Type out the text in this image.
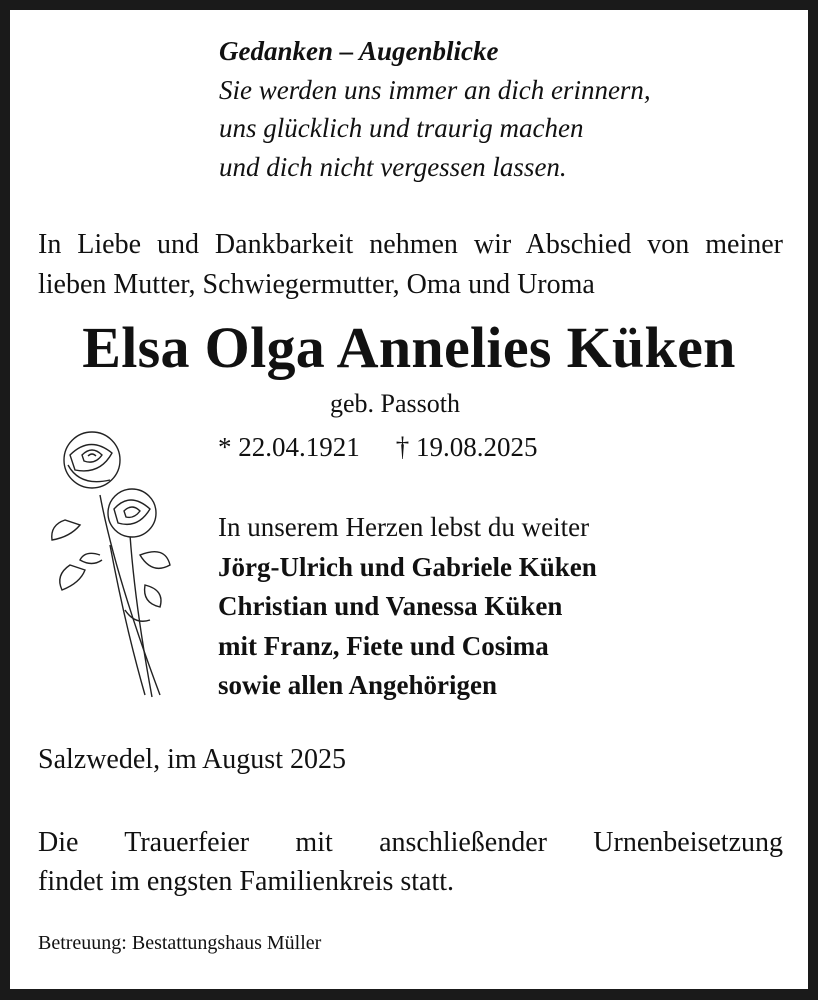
Gedanken – Augenblicke
Sie werden uns immer an dich erinnern,
uns glücklich und traurig machen
und dich nicht vergessen lassen.
In Liebe und Dankbarkeit nehmen wir Abschied von meiner lieben Mutter, Schwiegermutter, Oma und Uroma
Elsa Olga Annelies Küken
geb. Passoth
* 22.04.1921 † 19.08.2025
In unserem Herzen lebst du weiter
Jörg-Ulrich und Gabriele Küken
Christian und Vanessa Küken
mit Franz, Fiete und Cosima
sowie allen Angehörigen
Salzwedel, im August 2025
Die Trauerfeier mit anschließender Urnenbeisetzung
findet im engsten Familienkreis statt.
Betreuung: Bestattungshaus Müller
